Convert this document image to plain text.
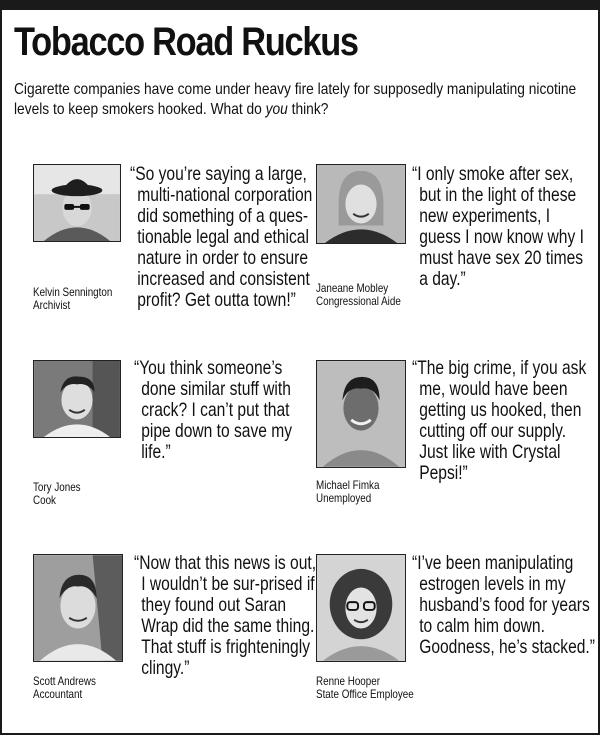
Tobacco Road Ruckus
Cigarette companies have come under heavy fire lately for supposedly manipulating nicotine levels to keep smokers hooked. What do you think?
Kelvin Sennington
Archivist
“So you’re saying a large, multi-national corporation did something of a ques-tionable legal and ethical nature in order to ensure increased and consistent profit? Get outta town!”
Janeane Mobley
Congressional Aide
“I only smoke after sex, but in the light of these new experiments, I guess I now know why I must have sex 20 times a day.”
Tory Jones
Cook
“You think someone’s done similar stuff with crack? I can’t put that pipe down to save my life.”
Michael Fimka
Unemployed
“The big crime, if you ask me, would have been getting us hooked, then cutting off our supply. Just like with Crystal Pepsi!”
Scott Andrews
Accountant
“Now that this news is out, I wouldn’t be sur-prised if they found out Saran Wrap did the same thing. That stuff is frighteningly clingy.”
Renne Hooper
State Office Employee
“I’ve been manipulating estrogen levels in my husband’s food for years to calm him down. Goodness, he’s stacked.”
